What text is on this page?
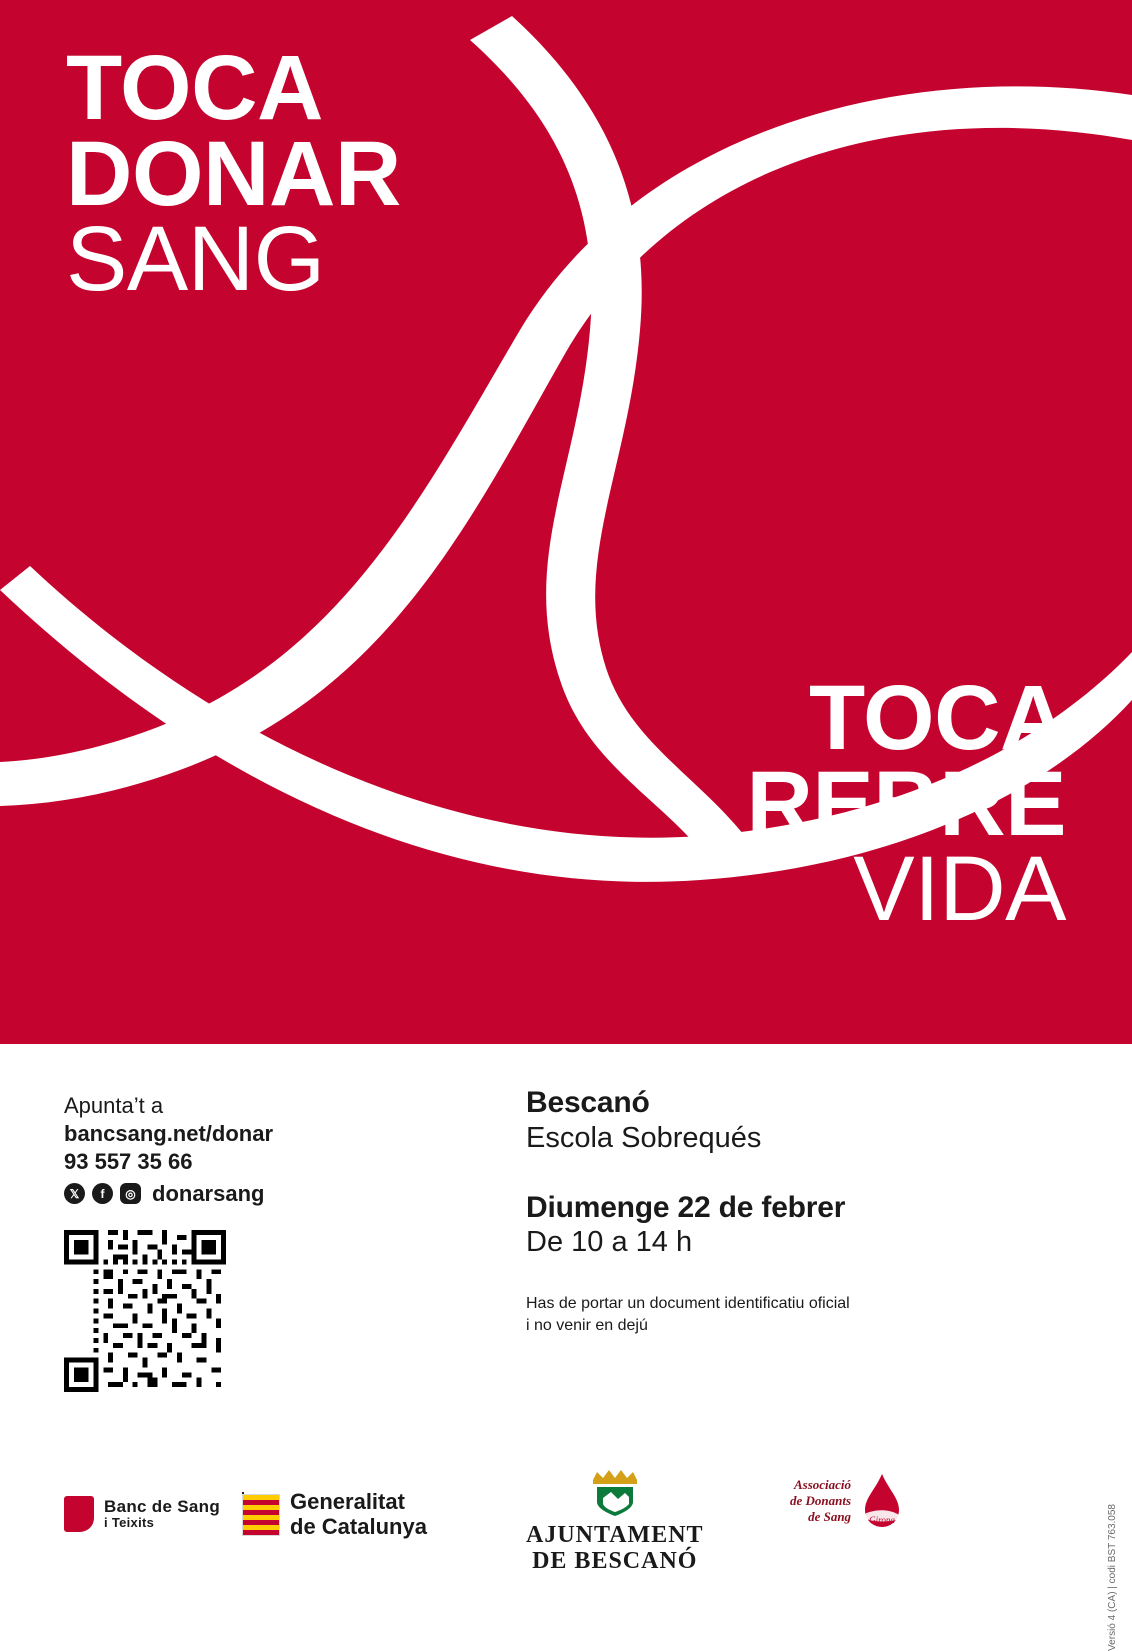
TOCA
DONAR
SANG
TOCA
REBRE
VIDA
Apunta’t a
bancsang.net/donar
93 557 35 66
𝕏	f	◎ donarsang
Bescanó
Escola Sobrequés
Diumenge 22 de febrer
De 10 a 14 h
Has de portar un document identificatiu oficial
i no venir en dejú
Banc de Sang
i Teixits
Generalitat
de Catalunya	AJUNTAMENT
DE BESCANÓ
Associació
de Donants
de Sang Girona	Versió 4 (CA) | codi BST 763.058
